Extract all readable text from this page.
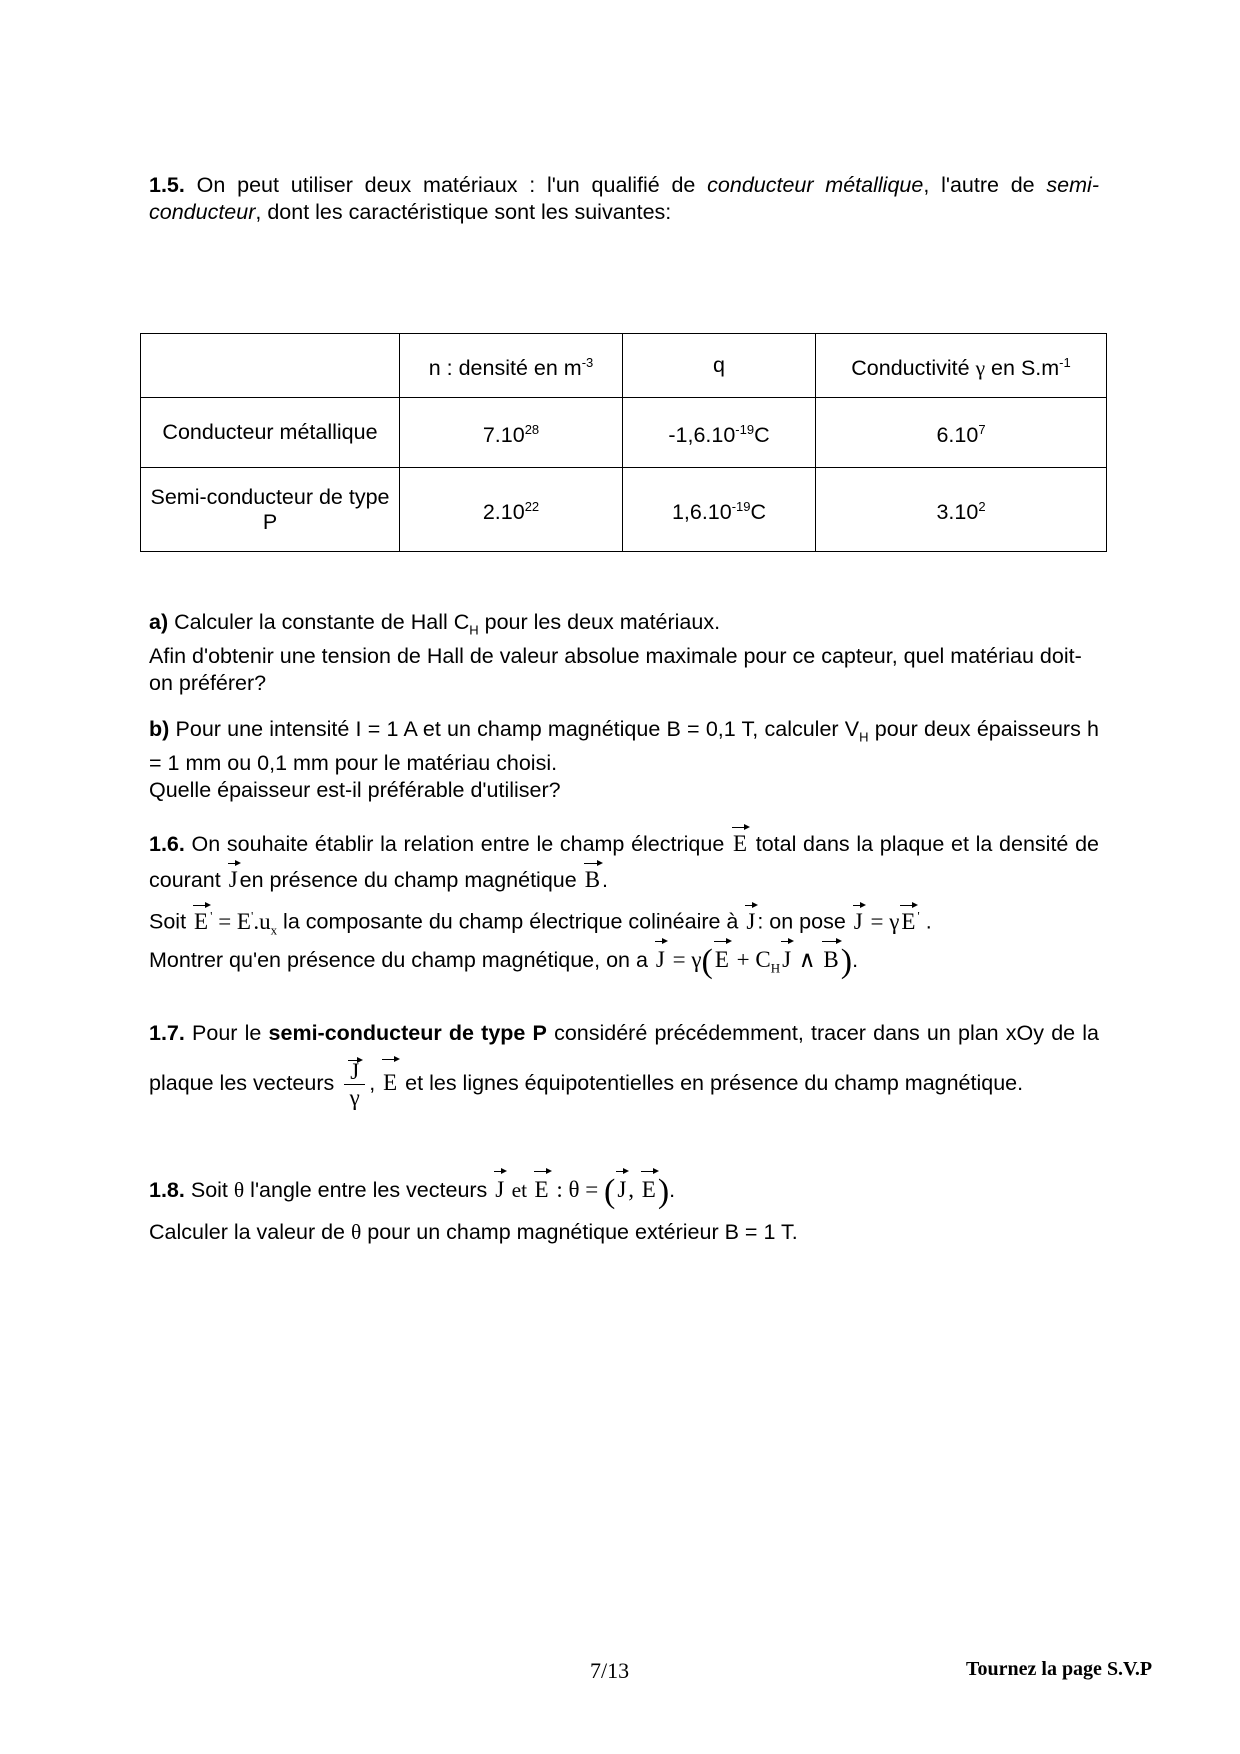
1.5. On peut utiliser deux matériaux : l'un qualifié de conducteur métallique, l'autre de semi-conducteur, dont les caractéristique sont les suivantes:
	n : densité en $m^{-3}$	q	Conductivité γ en $S.m^{-1}$
Conducteur métallique	7.10$^{28}$	$-1,6.10^{-19}C$	6.10$^7$
Semi-conducteur de type P	2.10$^{22}$	$1,6.10^{-19}C$	3.10$^2$
a) Calculer la constante de Hall $C_H$ pour les deux matériaux.
Afin d'obtenir une tension de Hall de valeur absolue maximale pour ce capteur, quel matériau doit-on préférer?
b) Pour une intensité I = 1 A et un champ magnétique B = 0,1 T, calculer $V_H$ pour deux épaisseurs h = 1 mm ou 0,1 mm pour le matériau choisi.
Quelle épaisseur est-il préférable d'utiliser?
1.6. On souhaite établir la relation entre le champ électrique E total dans la plaque et la densité de courant Jen présence du champ magnétique B.
Soit E $' = E'.u_x$ la composante du champ électrique colinéaire à J: on pose J = γE ' .
Montrer qu'en présence du champ magnétique, on a $J = \gamma(E + C_HJ$ ∧ B).
1.7. Pour le semi-conducteur de type P considéré précédemment, tracer dans un plan xOy de la plaque les vecteurs $\frac{J}{\gamma}$ , E et les lignes équipotentielles en présence du champ magnétique.
1.8. Soit θ l'angle entre les vecteurs J et E : θ = (J, E).
Calculer la valeur de θ pour un champ magnétique extérieur B = 1 T.
7/13	Tournez la page S.V.P
